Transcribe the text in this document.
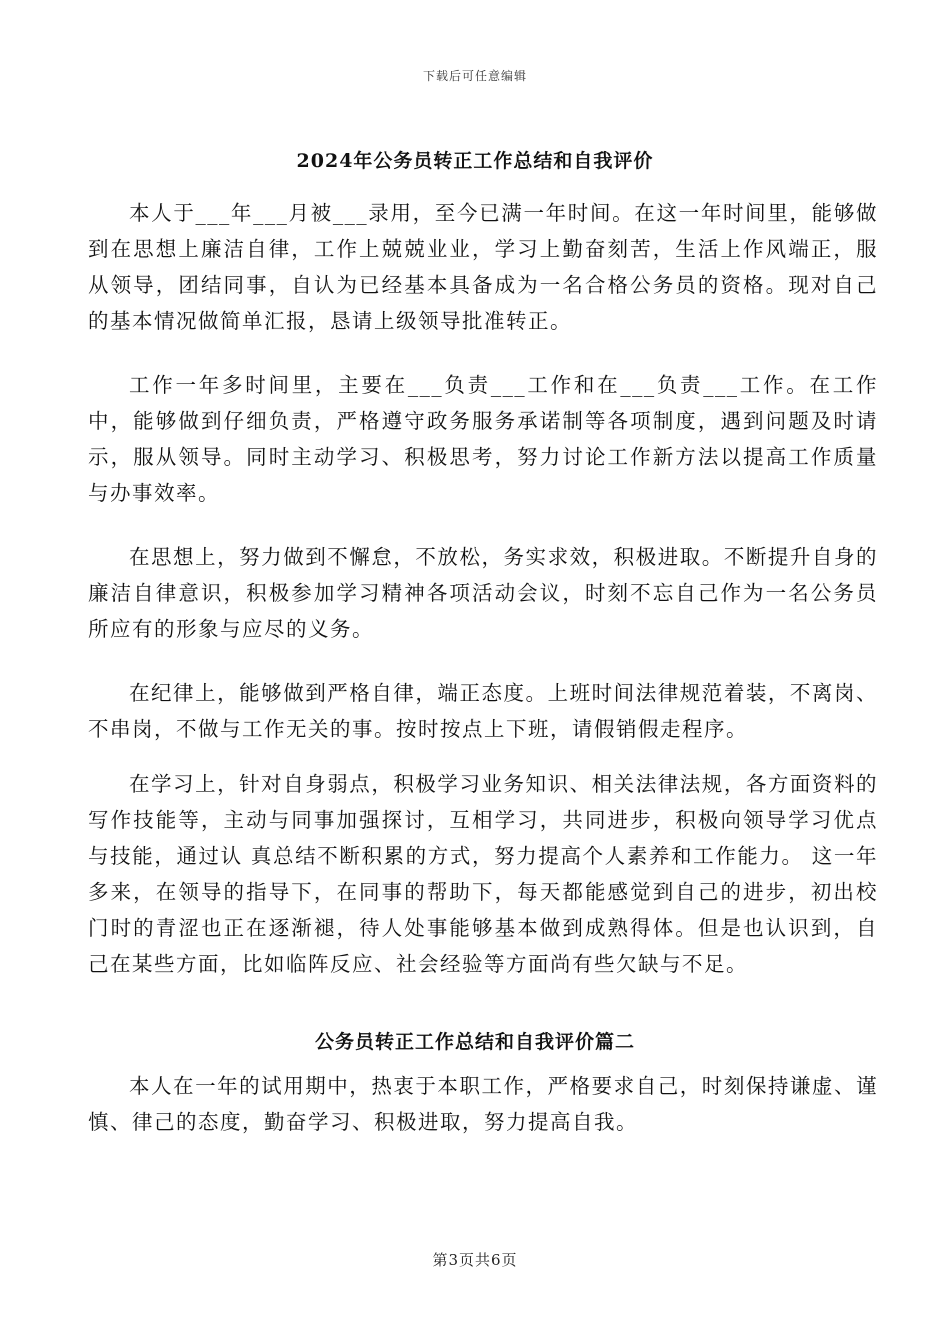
下载后可任意编辑
2024年公务员转正工作总结和自我评价

本人于___年___月被___录用，至今已满一年时间。在这一年时间里，能够做到在思想上廉洁自律，工作上兢兢业业，学习上勤奋刻苦，生活上作风端正，服从领导，团结同事，自认为已经基本具备成为一名合格公务员的资格。现对自己的基本情况做简单汇报，恳请上级领导批准转正。

工作一年多时间里，主要在___负责___工作和在___负责___工作。在工作中，能够做到仔细负责，严格遵守政务服务承诺制等各项制度，遇到问题及时请示，服从领导。同时主动学习、积极思考，努力讨论工作新方法以提高工作质量与办事效率。

在思想上，努力做到不懈怠，不放松，务实求效，积极进取。不断提升自身的廉洁自律意识，积极参加学习精神各项活动会议，时刻不忘自己作为一名公务员所应有的形象与应尽的义务。

在纪律上，能够做到严格自律，端正态度。上班时间法律规范着装，不离岗、不串岗，不做与工作无关的事。按时按点上下班，请假销假走程序。

在学习上，针对自身弱点，积极学习业务知识、相关法律法规，各方面资料的写作技能等，主动与同事加强探讨，互相学习，共同进步，积极向领导学习优点与技能，通过认 真总结不断积累的方式，努力提高个人素养和工作能力。 这一年多来，在领导的指导下，在同事的帮助下，每天都能感觉到自己的进步，初出校门时的青涩也正在逐渐褪，待人处事能够基本做到成熟得体。但是也认识到，自己在某些方面，比如临阵反应、社会经验等方面尚有些欠缺与不足。

公务员转正工作总结和自我评价篇二

本人在一年的试用期中，热衷于本职工作，严格要求自己，时刻保持谦虚、谨慎、律己的态度，勤奋学习、积极进取，努力提高自我。

第3页共6页
